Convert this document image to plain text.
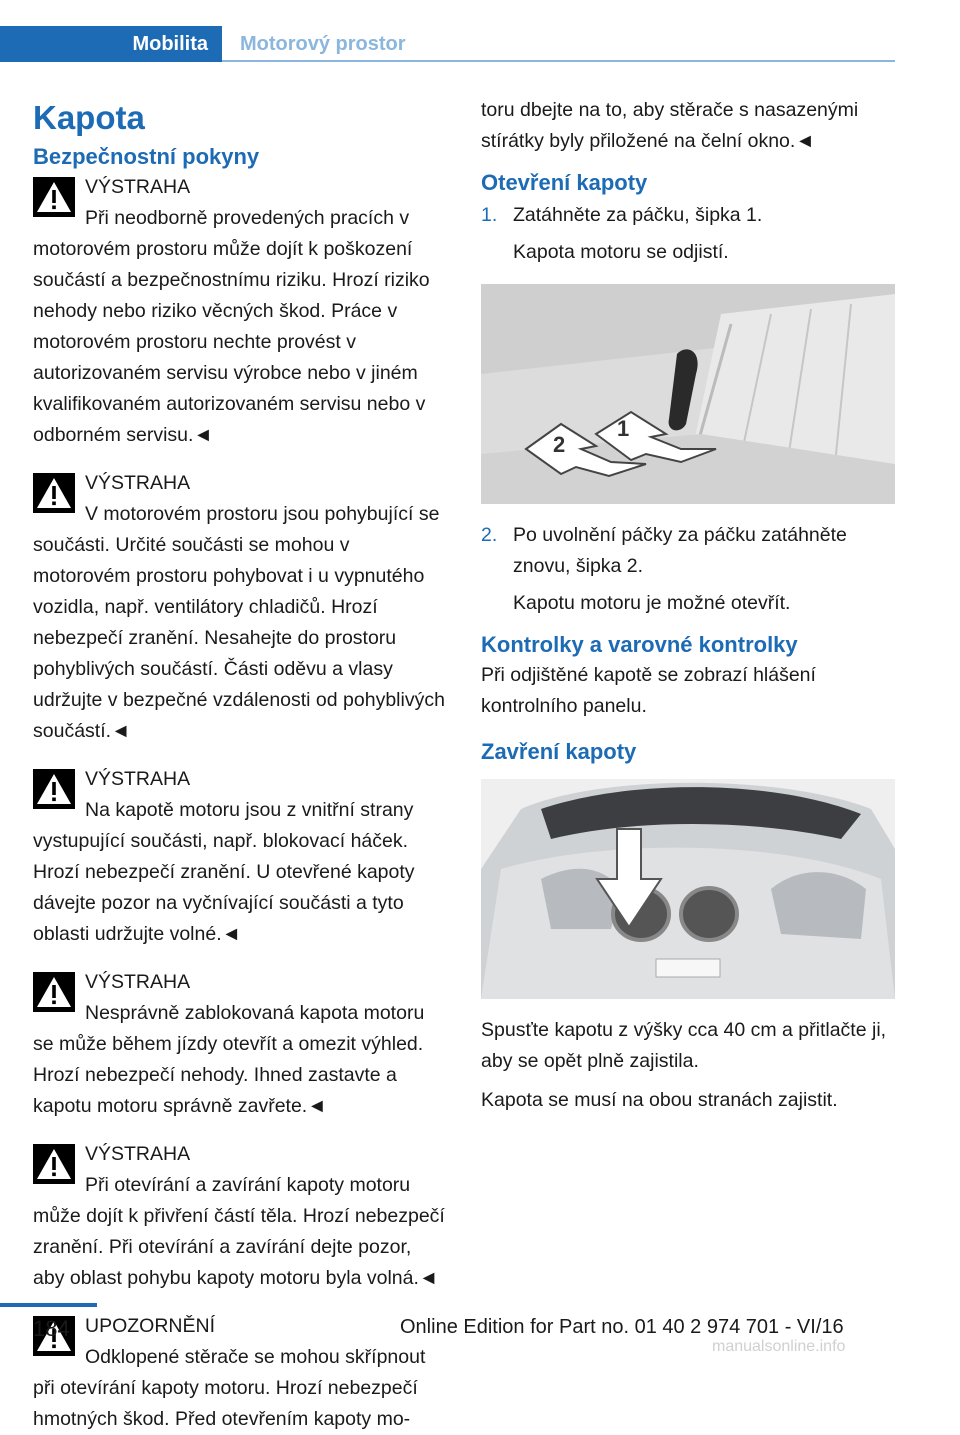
Mobilita	Motorový prostor
Kapota
Bezpečnostní pokyny
VÝSTRAHA
Při neodborně provedených pracích v motorovém prostoru může dojít k poškození součástí a bezpečnostnímu riziku. Hrozí riziko nehody nebo riziko věcných škod. Práce v motorovém prostoru nechte provést v autorizovaném servisu výrobce nebo v jiném kvalifikovaném autorizovaném servisu nebo v odborném servisu.◄
VÝSTRAHA
V motorovém prostoru jsou pohybující se součásti. Určité součásti se mohou v motorovém prostoru pohybovat i u vypnutého vozidla, např. ventilátory chladičů. Hrozí nebezpečí zranění. Nesahejte do prostoru pohyblivých součástí. Části oděvu a vlasy udržujte v bezpečné vzdálenosti od pohyblivých součástí.◄
VÝSTRAHA
Na kapotě motoru jsou z vnitřní strany vystupující součásti, např. blokovací háček. Hrozí nebezpečí zranění. U otevřené kapoty dávejte pozor na vyčnívající součásti a tyto oblasti udržujte volné.◄
VÝSTRAHA
Nesprávně zablokovaná kapota motoru se může během jízdy otevřít a omezit výhled. Hrozí nebezpečí nehody. Ihned zastavte a kapotu motoru správně zavřete.◄
VÝSTRAHA
Při otevírání a zavírání kapoty motoru může dojít k přivření částí těla. Hrozí nebezpečí zranění. Při otevírání a zavírání dejte pozor, aby oblast pohybu kapoty motoru byla volná.◄
UPOZORNĚNÍ
Odklopené stěrače se mohou skřípnout při otevírání kapoty motoru. Hrozí nebezpečí hmotných škod. Před otevřením kapoty mo-

toru dbejte na to, aby stěrače s nasazenými stírátky byly přiložené na čelní okno.◄

Otevření kapoty
1. Zatáhněte za páčku, šipka 1.
Kapota motoru se odjistí.
1
2
2. Po uvolnění páčky za páčku zatáhněte znovu, šipka 2.
Kapotu motoru je možné otevřít.
Kontrolky a varovné kontrolky

Při odjištěné kapotě se zobrazí hlášení kontrolního panelu.

Zavření kapoty

Spusťte kapotu z výšky cca 40 cm a přitlačte ji, aby se opět plně zajistila.

Kapota se musí na obou stranách zajistit.

184	Online Edition for Part no. 01 40 2 974 701 - VI/16
manualsonline.info
